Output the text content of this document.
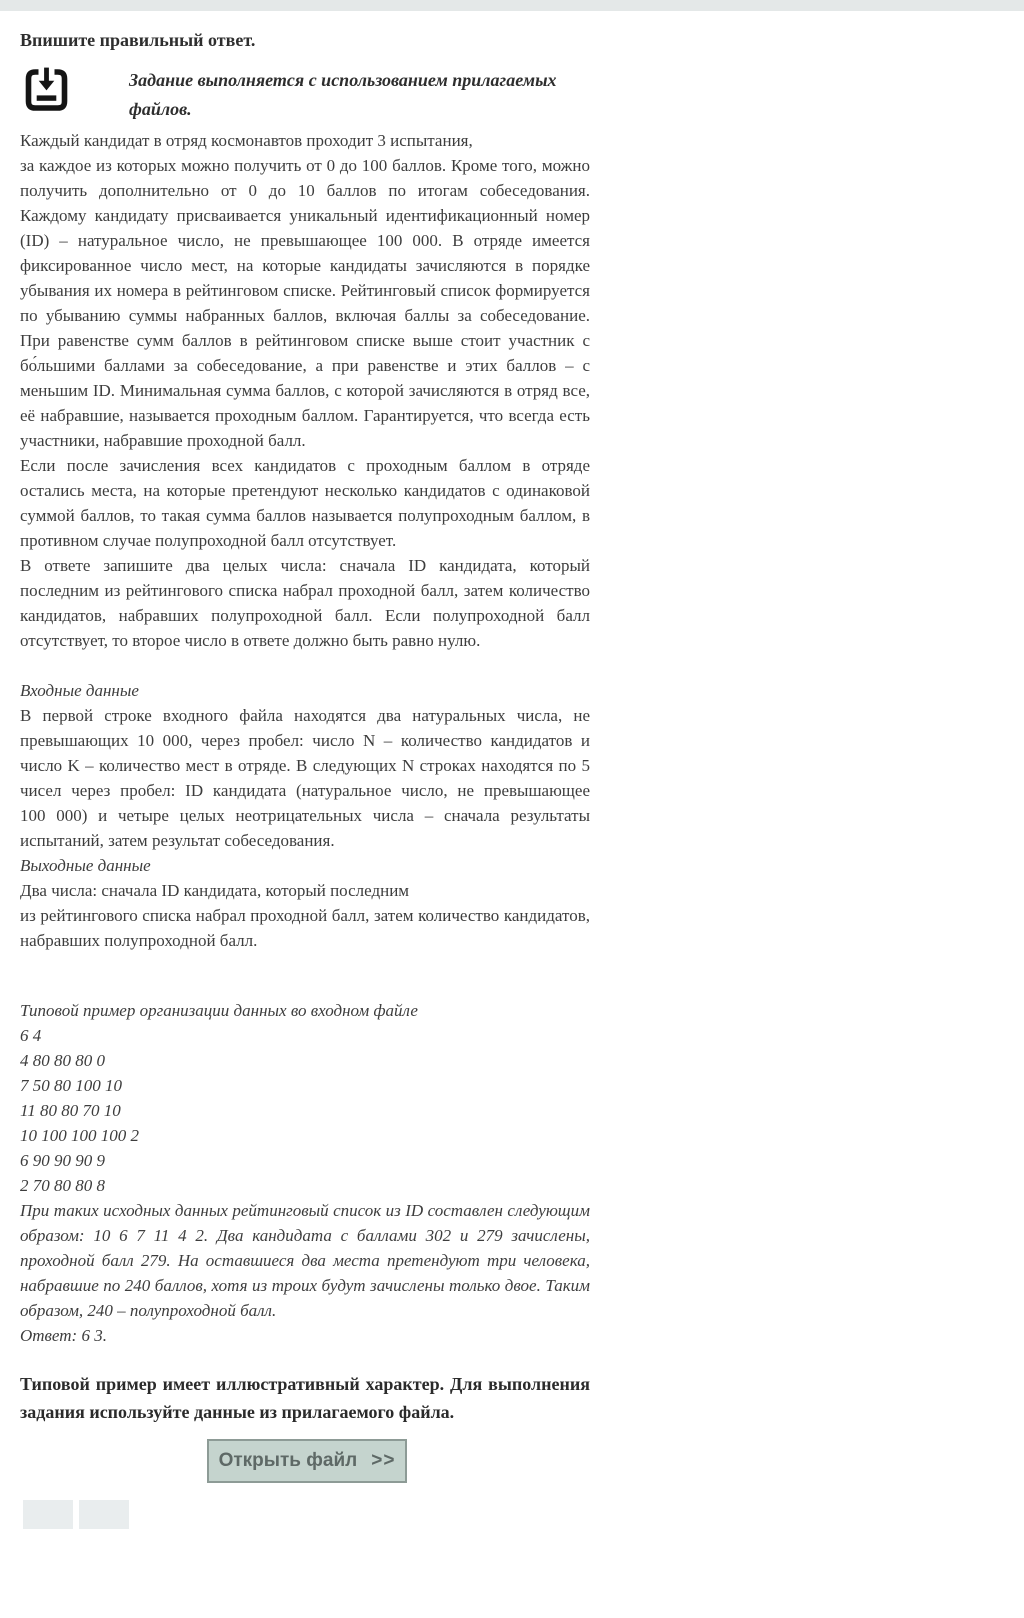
Впишите правильный ответ.

Задание выполняется с использованием прилагаемых файлов.

Каждый кандидат в отряд космонавтов проходит 3 испытания,

за каждое из которых можно получить от 0 до 100 баллов. Кроме того, можно получить дополнительно от 0 до 10 баллов по итогам собеседования. Каждому кандидату присваивается уникальный идентификационный номер (ID) – натуральное число, не превышающее 100 000. В отряде имеется фиксированное число мест, на которые кандидаты зачисляются в порядке убывания их номера в рейтинговом списке. Рейтинговый список формируется по убыванию суммы набранных баллов, включая баллы за собеседование. При равенстве сумм баллов в рейтинговом списке выше стоит участник с бо́льшими баллами за собеседование, а при равенстве и этих баллов – с меньшим ID. Минимальная сумма баллов, с которой зачисляются в отряд все, её набравшие, называется проходным баллом. Гарантируется, что всегда есть участники, набравшие проходной балл.

Если после зачисления всех кандидатов с проходным баллом в отряде остались места, на которые претендуют несколько кандидатов с одинаковой суммой баллов, то такая сумма баллов называется полупроходным баллом, в противном случае полупроходной балл отсутствует.

В ответе запишите два целых числа: сначала ID кандидата, который последним из рейтингового списка набрал проходной балл, затем количество кандидатов, набравших полупроходной балл. Если полупроходной балл отсутствует, то второе число в ответе должно быть равно нулю.

Входные данные

В первой строке входного файла находятся два натуральных числа, не превышающих 10 000, через пробел: число N – количество кандидатов и число K – количество мест в отряде. В следующих N строках находятся по 5 чисел через пробел: ID кандидата (натуральное число, не превышающее 100 000) и четыре целых неотрицательных числа – сначала результаты испытаний, затем результат собеседования.

Выходные данные

Два числа: сначала ID кандидата, который последним

из рейтингового списка набрал проходной балл, затем количество кандидатов, набравших полупроходной балл.

Типовой пример организации данных во входном файле

6 4

4 80 80 80 0

7 50 80 100 10

11 80 80 70 10

10 100 100 100 2

6 90 90 90 9

2 70 80 80 8

При таких исходных данных рейтинговый список из ID составлен следующим образом: 10 6 7 11 4 2. Два кандидата с баллами 302 и 279 зачислены, проходной балл 279. На оставшиеся два места претендуют три человека, набравшие по 240 баллов, хотя из троих будут зачислены только двое. Таким образом, 240 – полупроходной балл.

Ответ: 6 3.

Типовой пример имеет иллюстративный характер. Для выполнения задания используйте данные из прилагаемого файла.

Открыть файл >>
